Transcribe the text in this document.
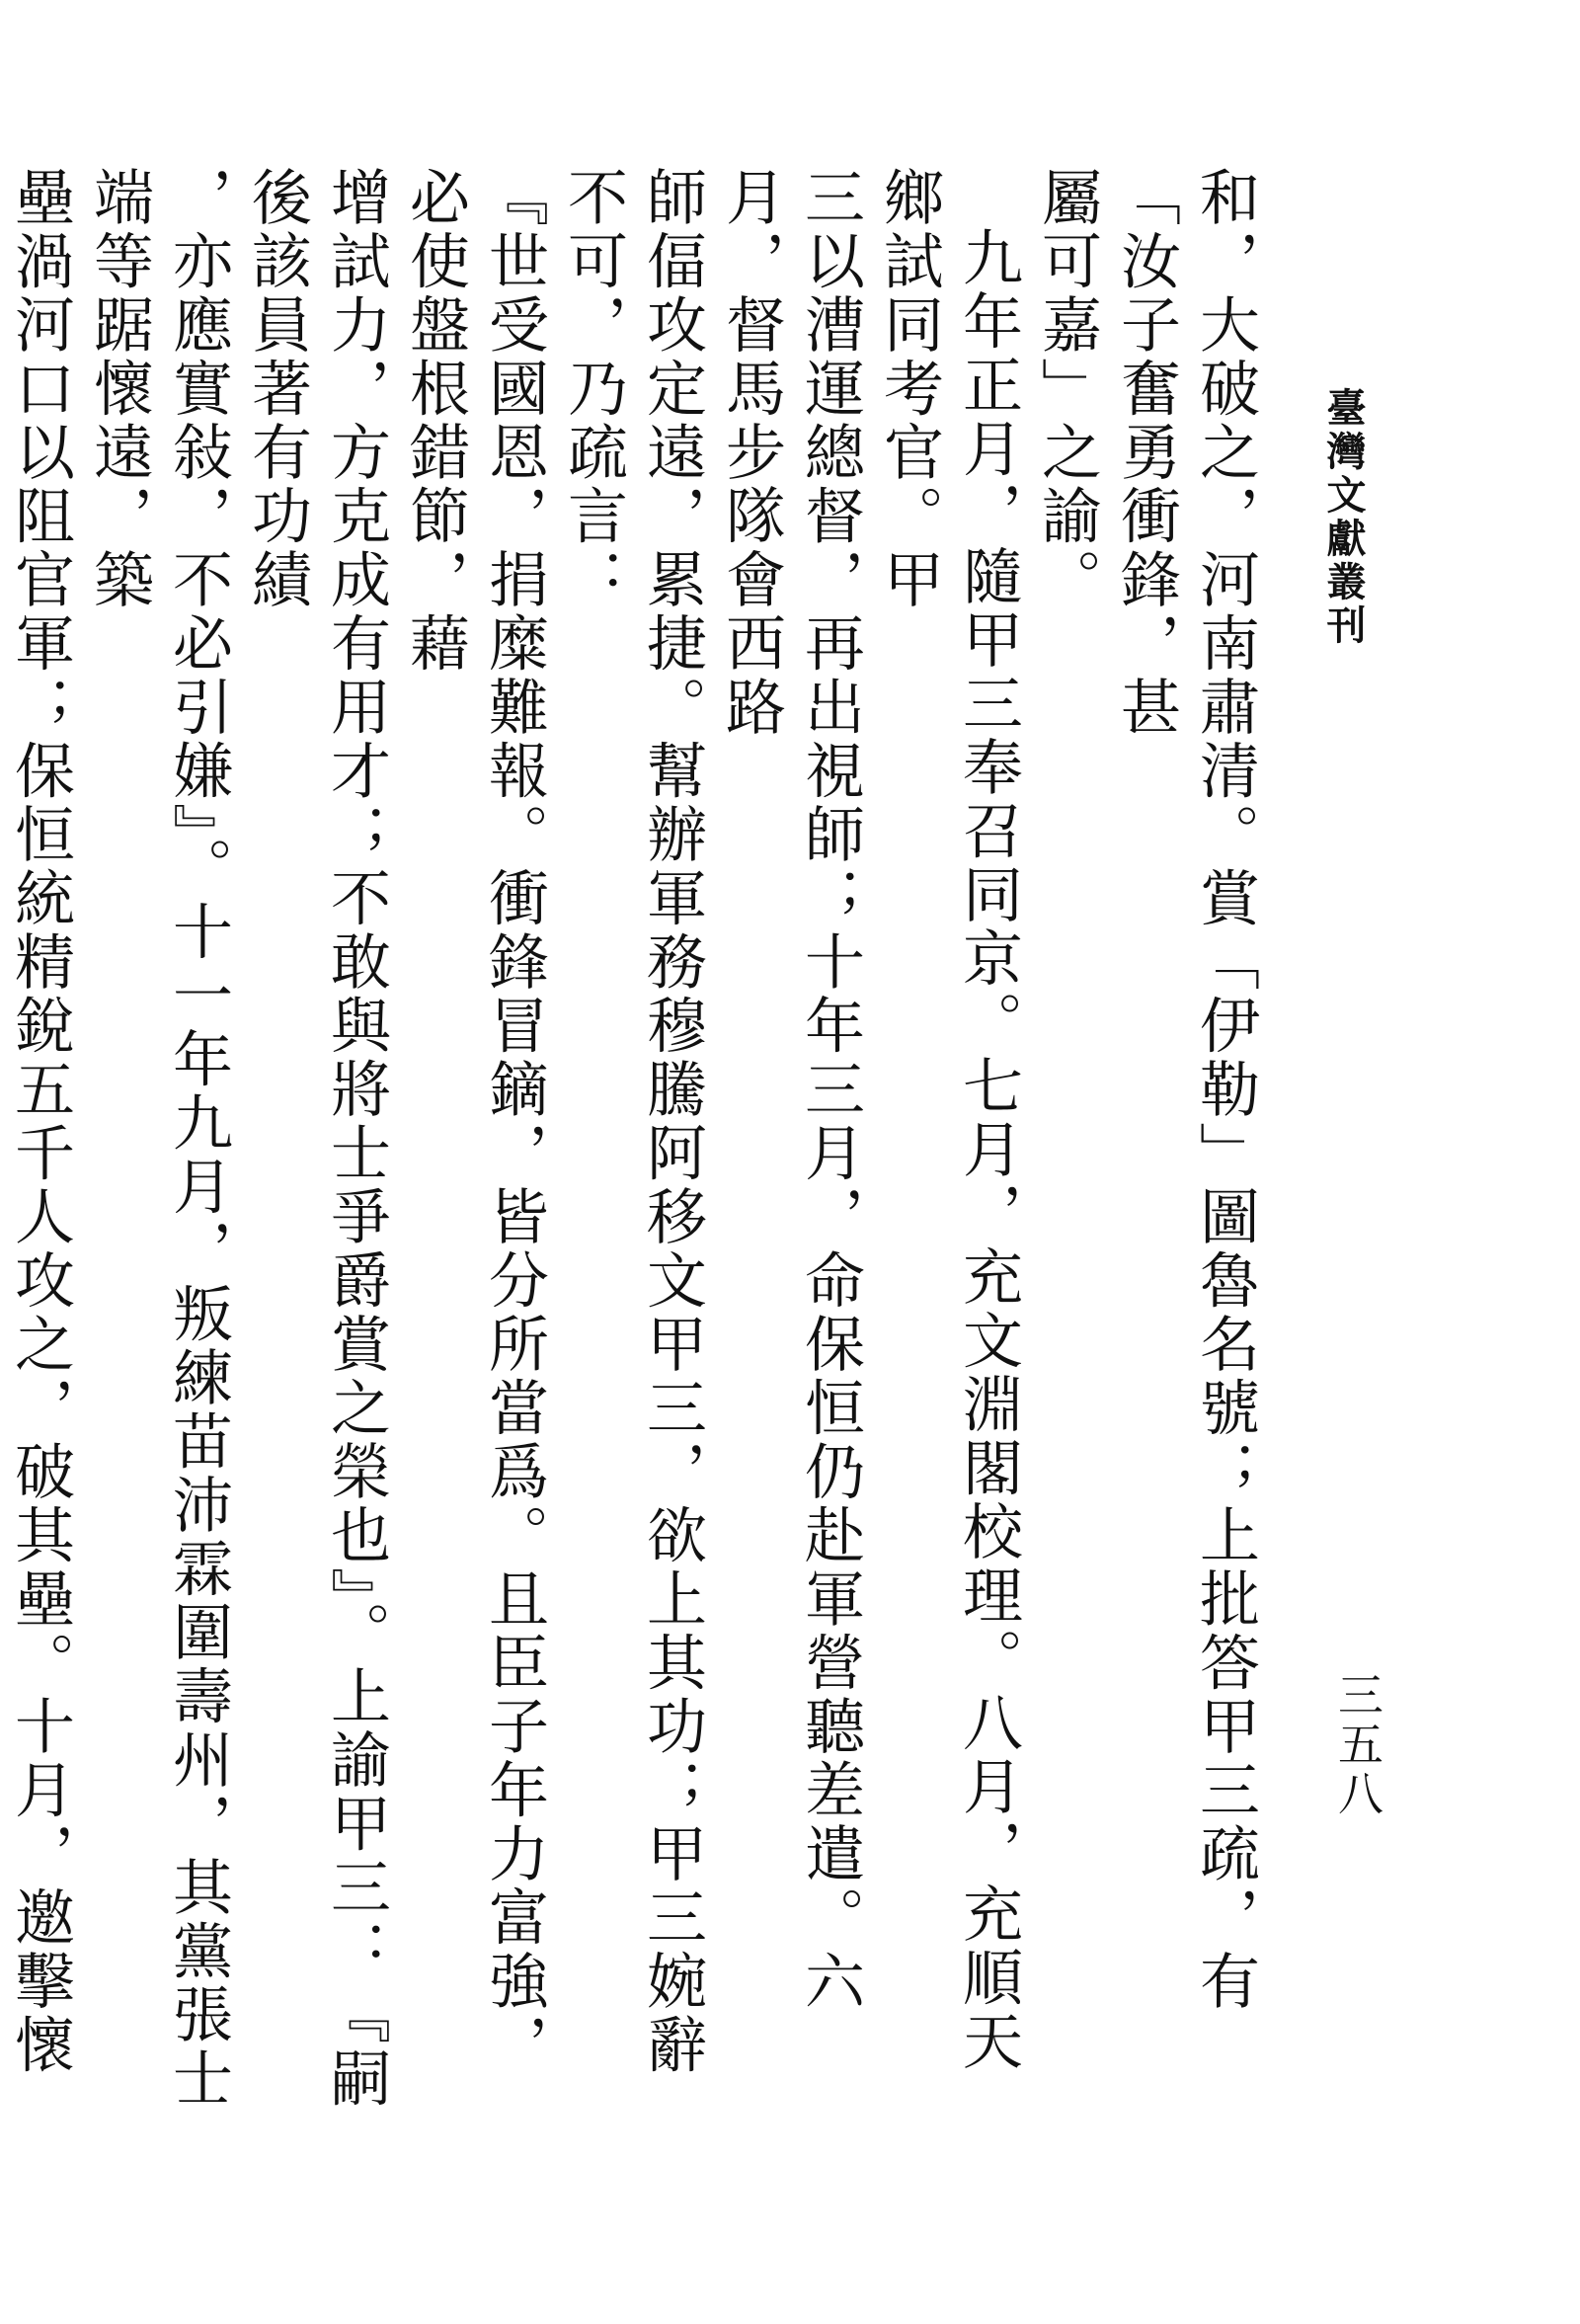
臺灣文獻叢刊
三五八
和，大破之，河南肅清。賞「伊勒」圖魯名號；上批答甲三疏，有「汝子奮勇衝鋒，甚
屬可嘉」之諭。
九年正月，隨甲三奉召同京。七月，充文淵閣校理。八月，充順天鄉試同考官。甲
三以漕運總督，再出視師；十年三月，命保恒仍赴軍營聽差遣。六月，督馬步隊會西路
師偪攻定遠，累捷。幫辦軍務穆騰阿移文甲三，欲上其功；甲三婉辭不可，乃疏言：
『世受國恩，捐糜難報。衝鋒冒鏑，皆分所當爲。且臣子年力富強，必使盤根錯節，藉
增試力，方克成有用才；不敢與將士爭爵賞之榮也』。上諭甲三：『嗣後該員著有功績
，亦應實敍，不必引嫌』。十一年九月，叛練苗沛霖圍壽州，其黨張士端等踞懷遠，築
壘渦河口以阻官軍；保恒統精銳五千人攻之，破其壘。十月，邀擊懷
